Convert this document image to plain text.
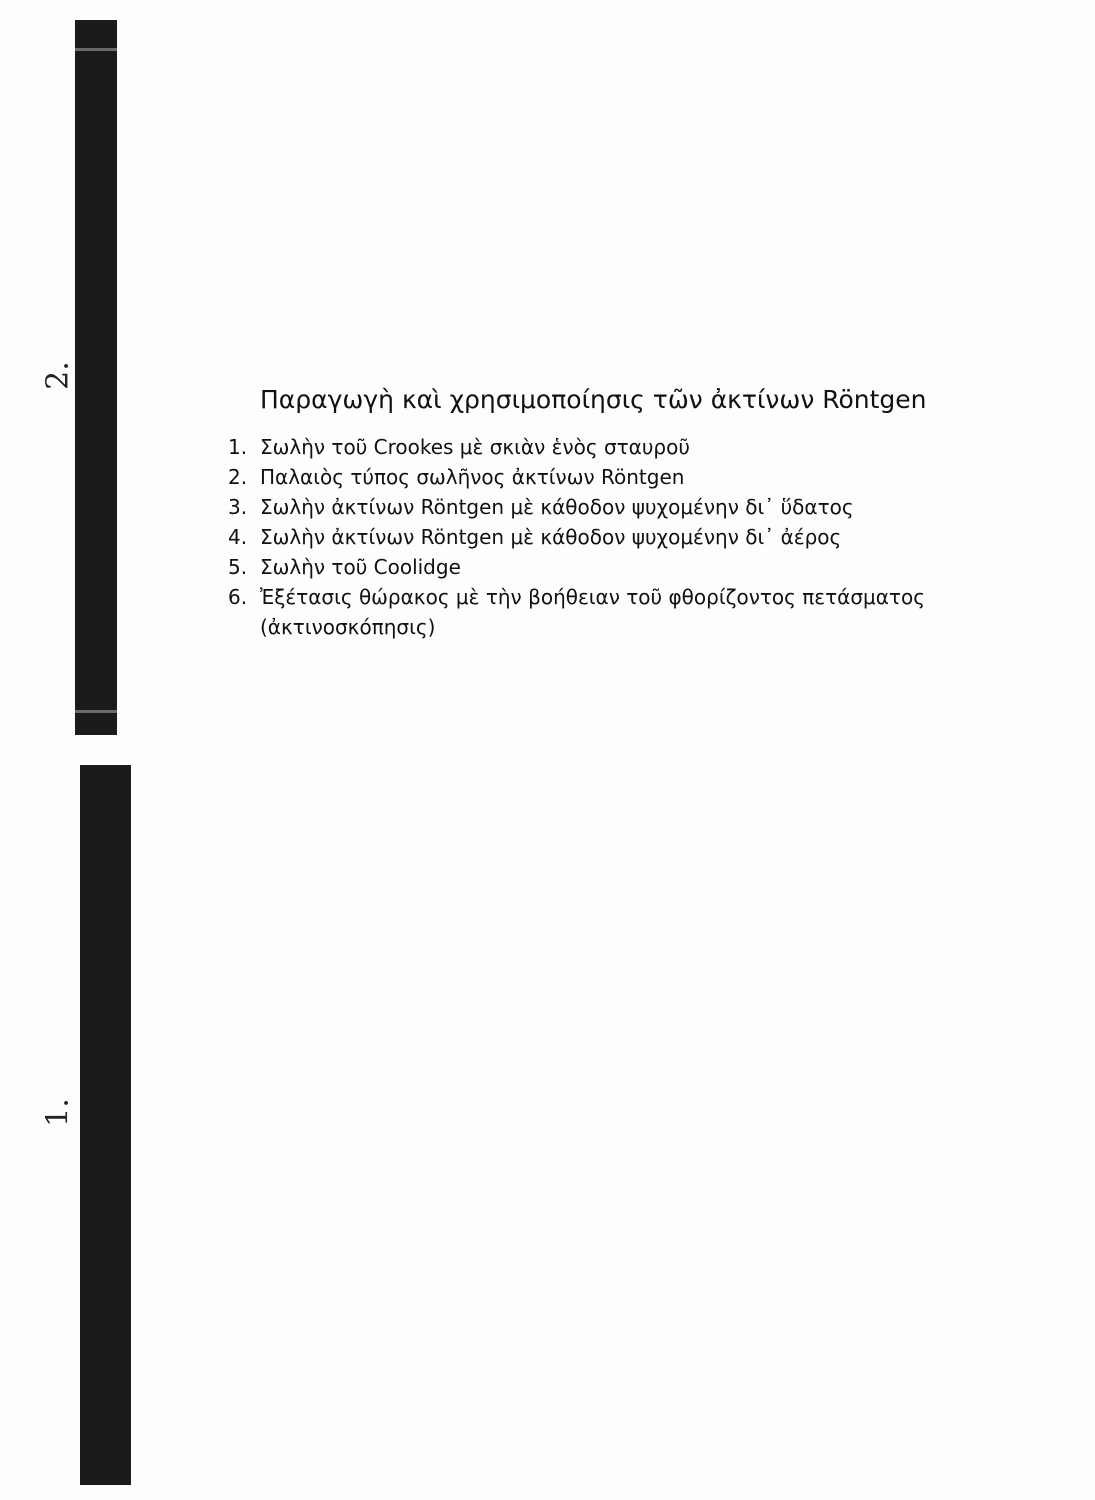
2.
1.
Παραγωγὴ καὶ χρησιμοποίησις τῶν ἀκτίνων Röntgen
1. Σωλὴν τοῦ Crookes μὲ σκιὰν ἑνὸς σταυροῦ
2. Παλαιὸς τύπος σωλῆνος ἀκτίνων Röntgen
3. Σωλὴν ἀκτίνων Röntgen μὲ κάθοδον ψυχομένην δι᾽ ὕδατος
4. Σωλὴν ἀκτίνων Röntgen μὲ κάθοδον ψυχομένην δι᾽ ἀέρος
5. Σωλὴν τοῦ Coolidge
6. Ἐξέτασις θώρακος μὲ τὴν βοήθειαν τοῦ φθορίζοντος πετάσματος (ἀκτινοσκόπησις)
